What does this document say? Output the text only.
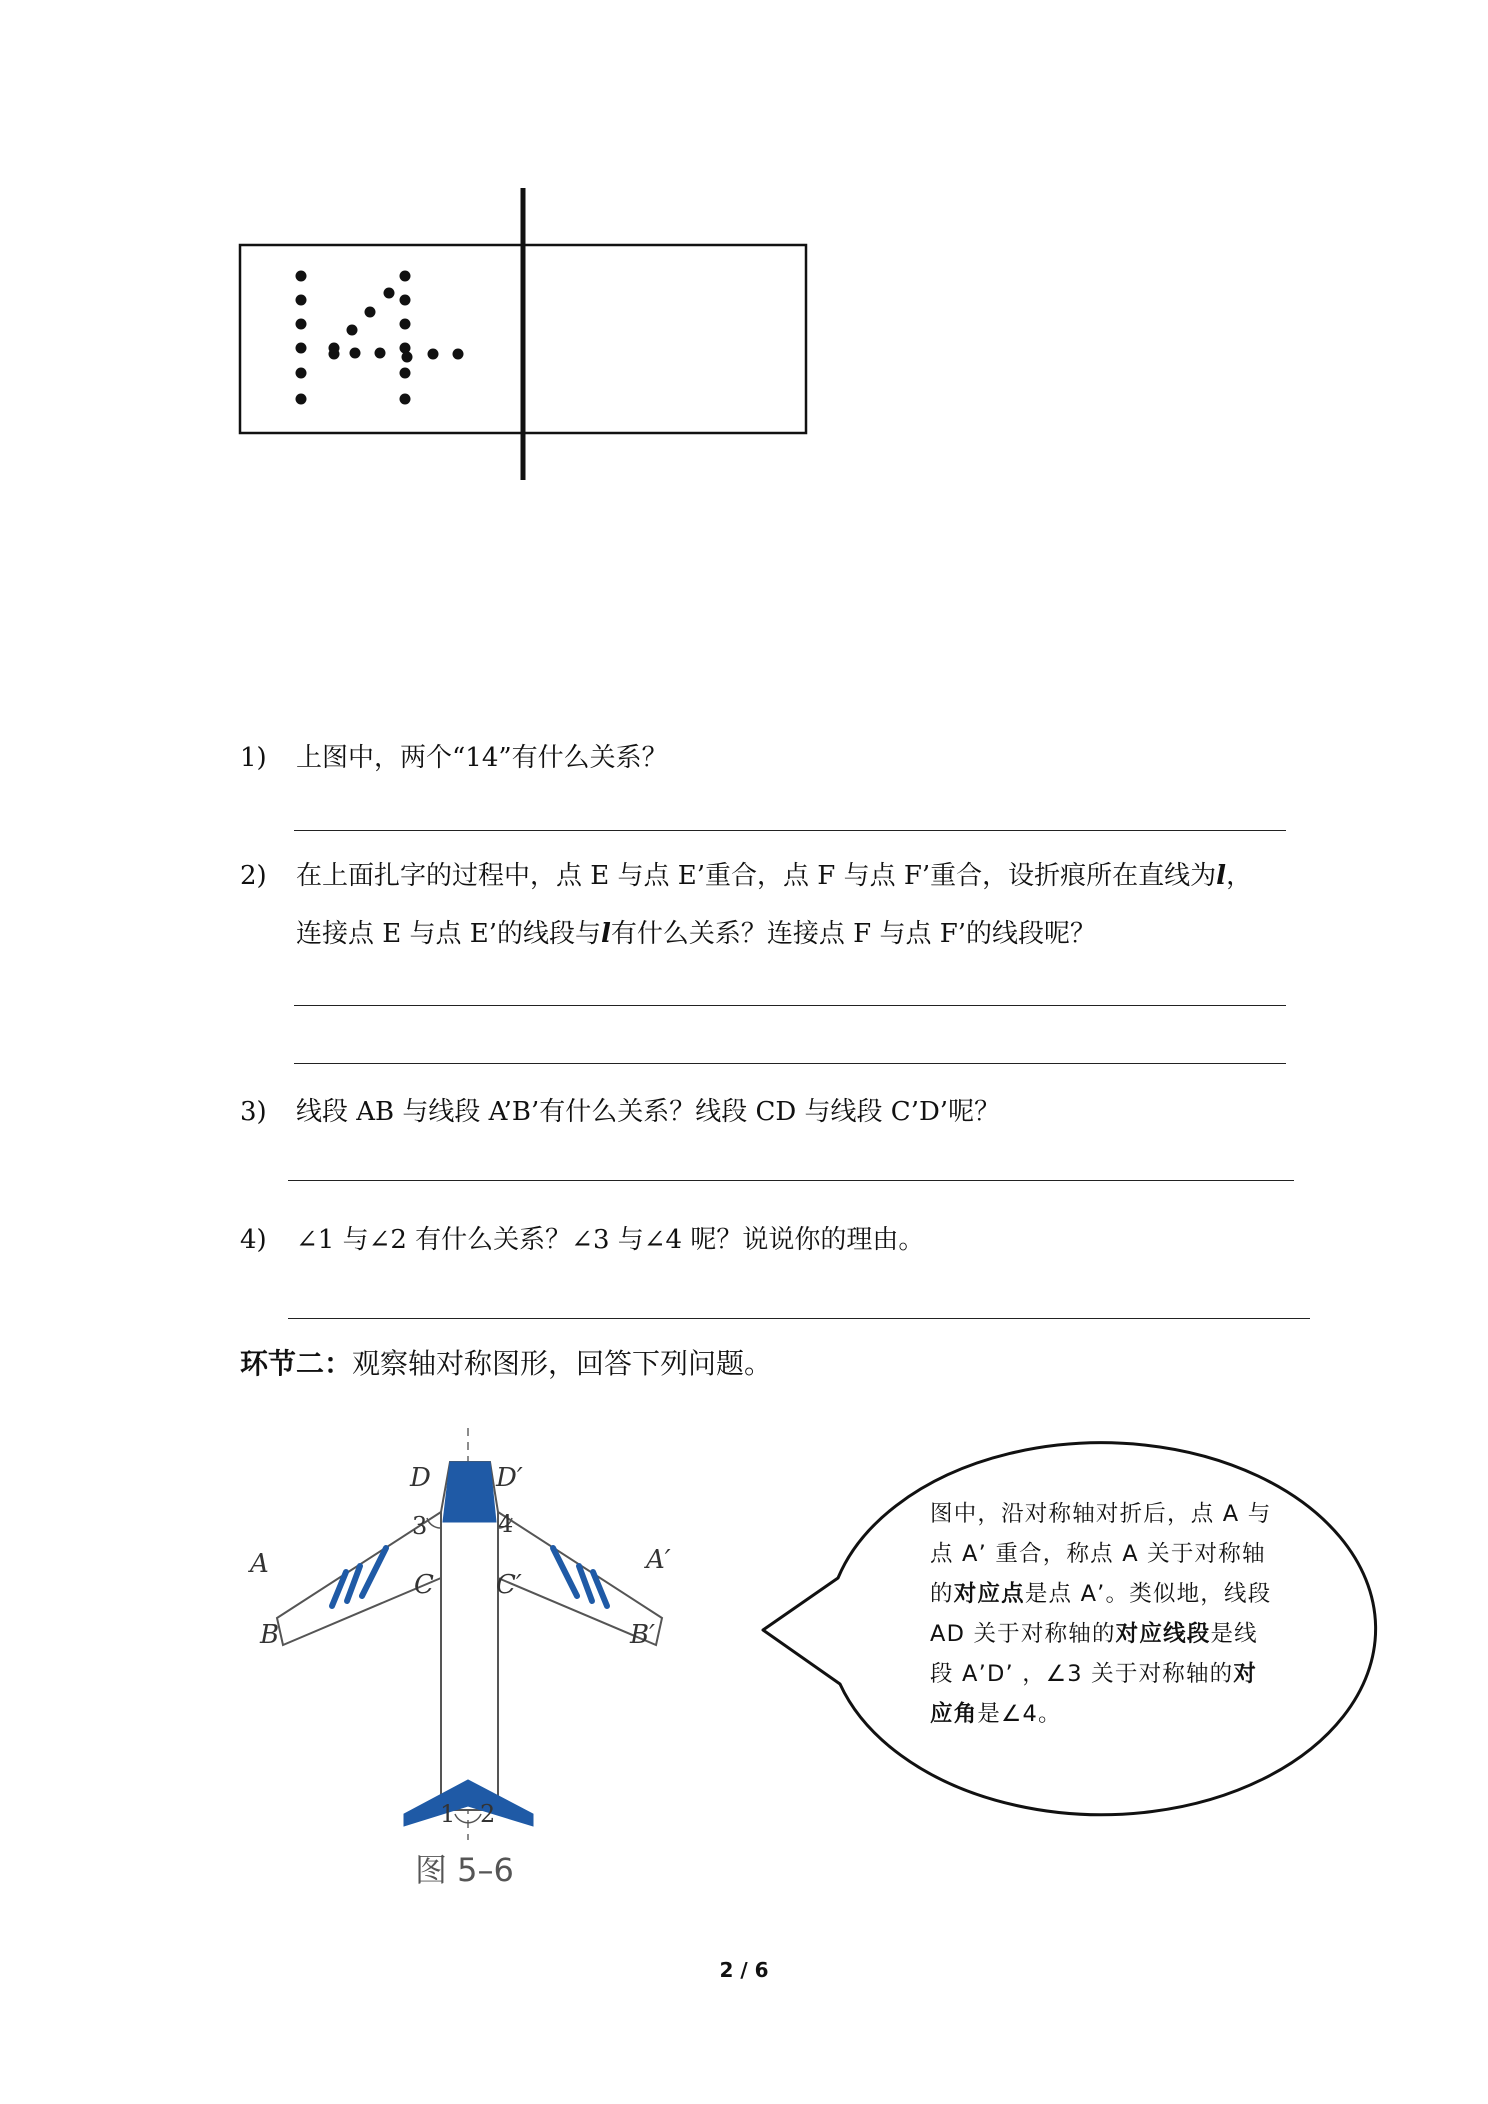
1) 上图中，两个“14”有什么关系？
2) 在上面扎字的过程中，点 E 与点 E’重合，点 F 与点 F’重合，设折痕所在直线为l，
连接点 E 与点 E’的线段与l有什么关系？连接点 F 与点 F’的线段呢？
3) 线段 AB 与线段 A’B’有什么关系？线段 CD 与线段 C’D’呢？
4) ∠1 与∠2 有什么关系？∠3 与∠4 呢？说说你的理由。
环节二：观察轴对称图形，回答下列问题。
D	D′
3	4
A	A′
C C′
B	B′
1 2
图 5–6
图中，沿对称轴对折后，点 A 与点 A’ 重合，称点 A 关于对称轴的对应点是点 A’。类似地，线段 AD 关于对称轴的对应线段是线段 A’D’ ，∠3 关于对称轴的对应角是∠4。
2 / 6
